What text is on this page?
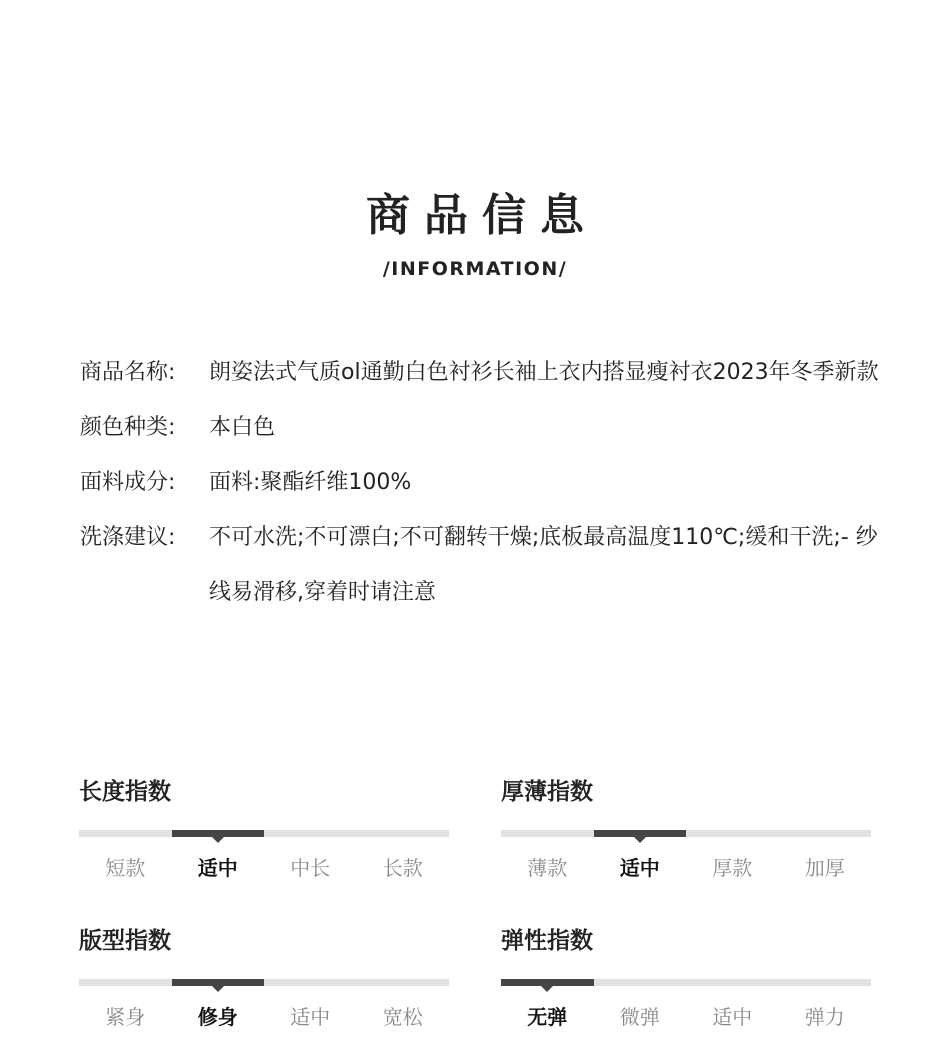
商品信息
/INFORMATION/
商品名称:	朗姿法式气质ol通勤白色衬衫长袖上衣内搭显瘦衬衣2023年冬季新款
颜色种类:	本白色
面料成分:	面料:聚酯纤维100%
洗涤建议:	不可水洗;不可漂白;不可翻转干燥;底板最高温度110℃;缓和干洗;- 纱线易滑移,穿着时请注意
长度指数
短款	适中	中长	长款
厚薄指数
薄款	适中	厚款	加厚
版型指数
紧身	修身	适中	宽松
弹性指数
无弹	微弹	适中	弹力
